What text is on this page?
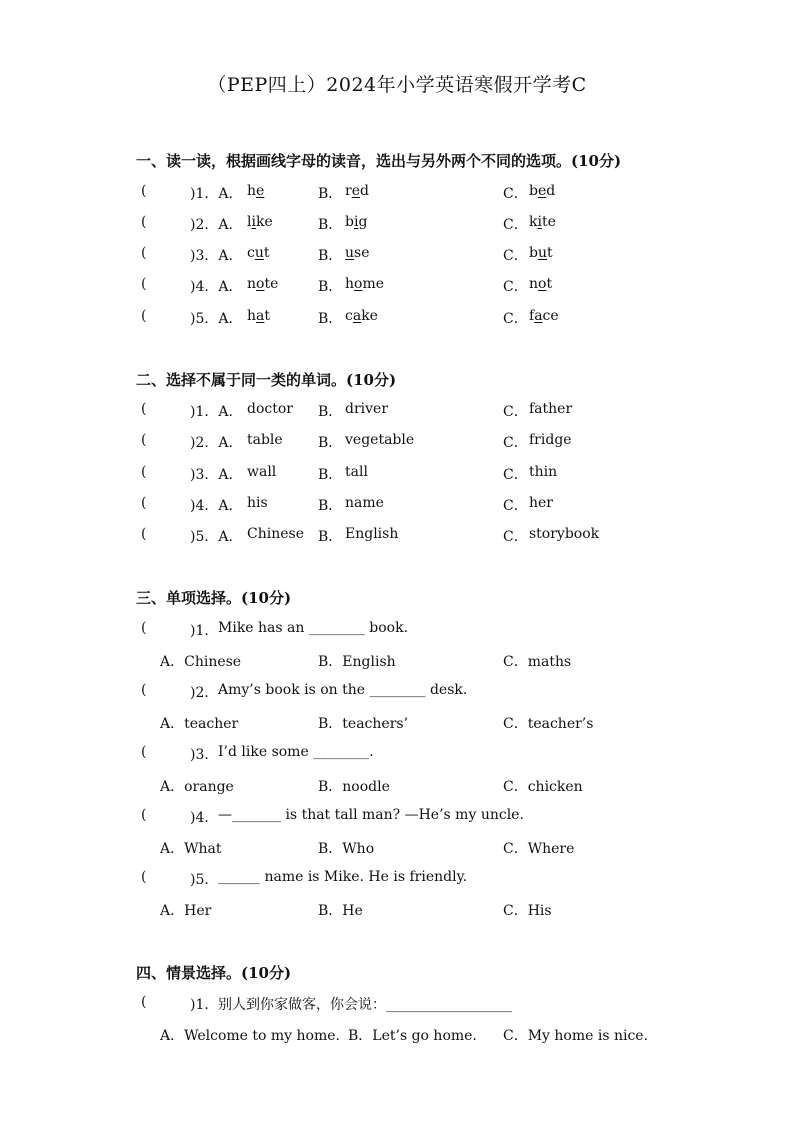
（PEP四上）2024年小学英语寒假开学考C
一、读一读，根据画线字母的读音，选出与另外两个不同的选项。(10分)
(	)1．A． he	B． red	C． bed
(	)2．A． like	B． big	C． kite
(	)3．A． cut	B． use	C． but
(	)4．A． note	B． home	C． not
(	)5．A． hat	B． cake	C． face
二、选择不属于同一类的单词。(10分)
(	)1．A． doctor B． driver	C． father
(	)2．A． table	B． vegetable	C． fridge
(	)3．A． wall	B． tall	C． thin
(	)4．A． his	B． name	C． her
(	)5．A． Chinese B． English	C． storybook
三、单项选择。(10分)
(	)1． Mike has an ________ book.
A．Chinese	B．English	C．maths
(	)2． Amy’s book is on the ________ desk.
A．teacher	B．teachers’	C．teacher’s
(	)3． I’d like some ________.
A．orange	B．noodle	C．chicken
(	)4． —_______ is that tall man? —He’s my uncle.
A．What	B．Who	C．Where
(	)5． ______ name is Mike. He is friendly.
A．Her	B．He	C．His
四、情景选择。(10分)
(	)1． 别人到你家做客，你会说：__________________
A．Welcome to my home. B．Let’s go home. C．My home is nice.
